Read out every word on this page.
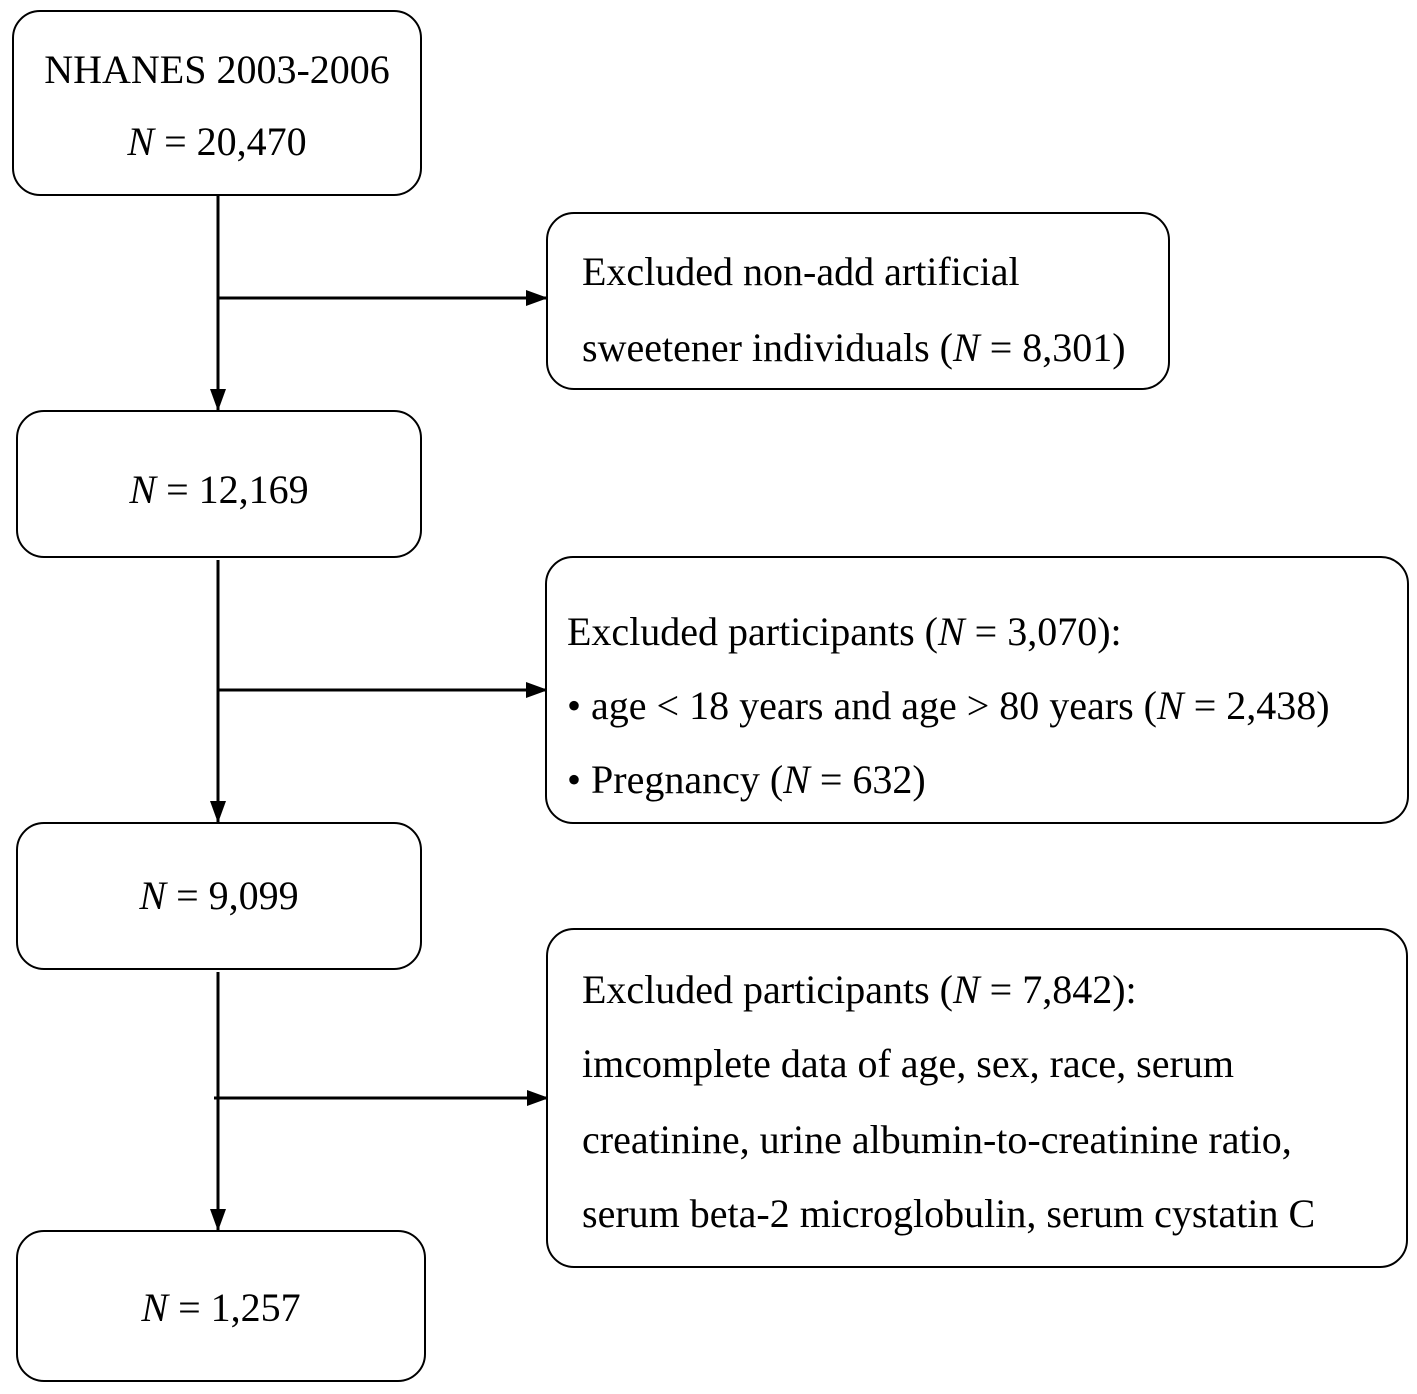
NHANES 2003-2006
N = 20,470
Excluded non-add artificial
sweetener individuals (N = 8,301)
N = 12,169
Excluded participants (N = 3,070):
• age < 18 years and age > 80 years (N = 2,438)
• Pregnancy (N = 632)
N = 9,099
Excluded participants (N = 7,842):
imcomplete data of age, sex, race, serum
creatinine, urine albumin-to-creatinine ratio,
serum beta-2 microglobulin, serum cystatin C
N = 1,257
